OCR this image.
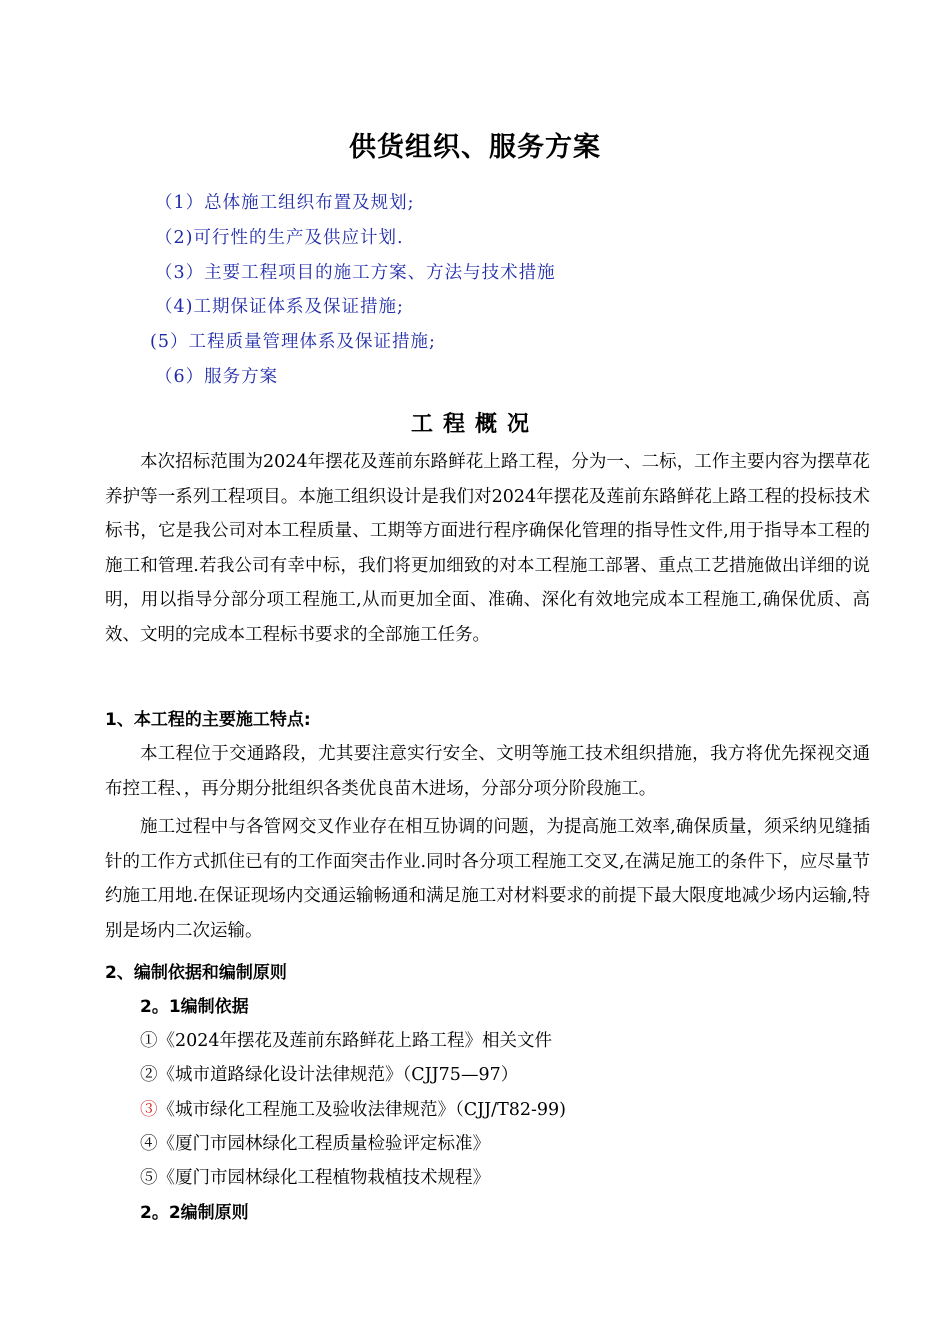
供货组织、服务方案
（1）总体施工组织布置及规划;
（2)可行性的生产及供应计划.
（3）主要工程项目的施工方案、方法与技术措施
（4)工期保证体系及保证措施;
(5）工程质量管理体系及保证措施;
（6）服务方案
工程概况
本次招标范围为2024年摆花及莲前东路鲜花上路工程，分为一、二标，工作主要内容为摆草花养护等一系列工程项目。本施工组织设计是我们对2024年摆花及莲前东路鲜花上路工程的投标技术标书，它是我公司对本工程质量、工期等方面进行程序确保化管理的指导性文件,用于指导本工程的施工和管理.若我公司有幸中标，我们将更加细致的对本工程施工部署、重点工艺措施做出详细的说明，用以指导分部分项工程施工,从而更加全面、准确、深化有效地完成本工程施工,确保优质、高效、文明的完成本工程标书要求的全部施工任务。
1、本工程的主要施工特点:
本工程位于交通路段，尤其要注意实行安全、文明等施工技术组织措施，我方将优先探视交通布控工程、，再分期分批组织各类优良苗木进场，分部分项分阶段施工。
施工过程中与各管网交叉作业存在相互协调的问题，为提高施工效率,确保质量，须采纳见缝插针的工作方式抓住已有的工作面突击作业.同时各分项工程施工交叉,在满足施工的条件下，应尽量节约施工用地.在保证现场内交通运输畅通和满足施工对材料要求的前提下最大限度地减少场内运输,特别是场内二次运输。
2、编制依据和编制原则
2。1编制依据
①《2024年摆花及莲前东路鲜花上路工程》相关文件
②《城市道路绿化设计法律规范》（CJJ75—97）
③《城市绿化工程施工及验收法律规范》（CJJ/T82-99)
④《厦门市园林绿化工程质量检验评定标准》
⑤《厦门市园林绿化工程植物栽植技术规程》
2。2编制原则
